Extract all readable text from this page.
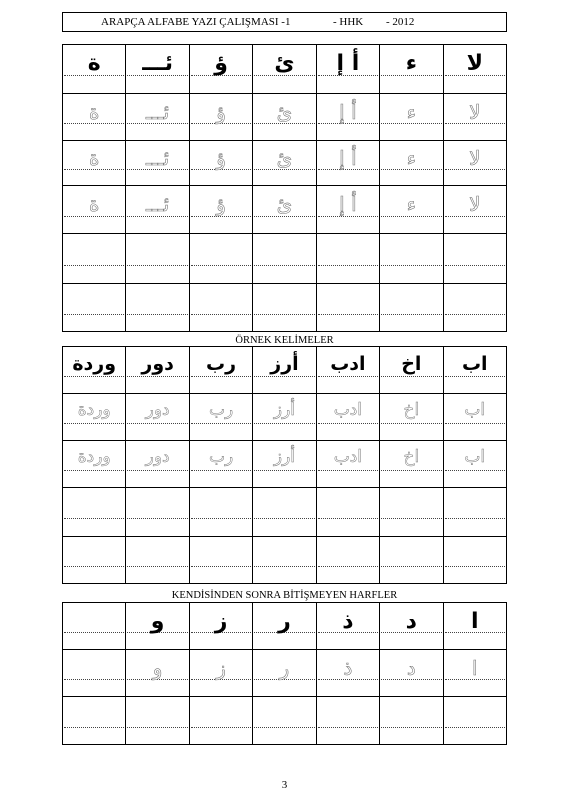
ARAPÇA ALFABE YAZI ÇALIŞMASI -1	- HHK - 2012
ة	ئـــ	ؤ	ئ	أ إ	ء	لا

ة	ئـــ	ؤ	ئ	أ إ	ء	لا

ة	ئـــ	ؤ	ئ	أ إ	ء	لا

ة	ئـــ	ؤ	ئ	أ إ	ء	لا

ÖRNEK KELİMELER
وردة	دور	رب	أرز	ادب	اخ	اب

وردة	دور	رب	أرز	ادب	اخ	اب

وردة	دور	رب	أرز	ادب	اخ	اب

KENDİSİNDEN SONRA BİTİŞMEYEN HARFLER

	و	ز	ر	ذ	د	ا

	و	ز	ر	ذ	د	ا

3
